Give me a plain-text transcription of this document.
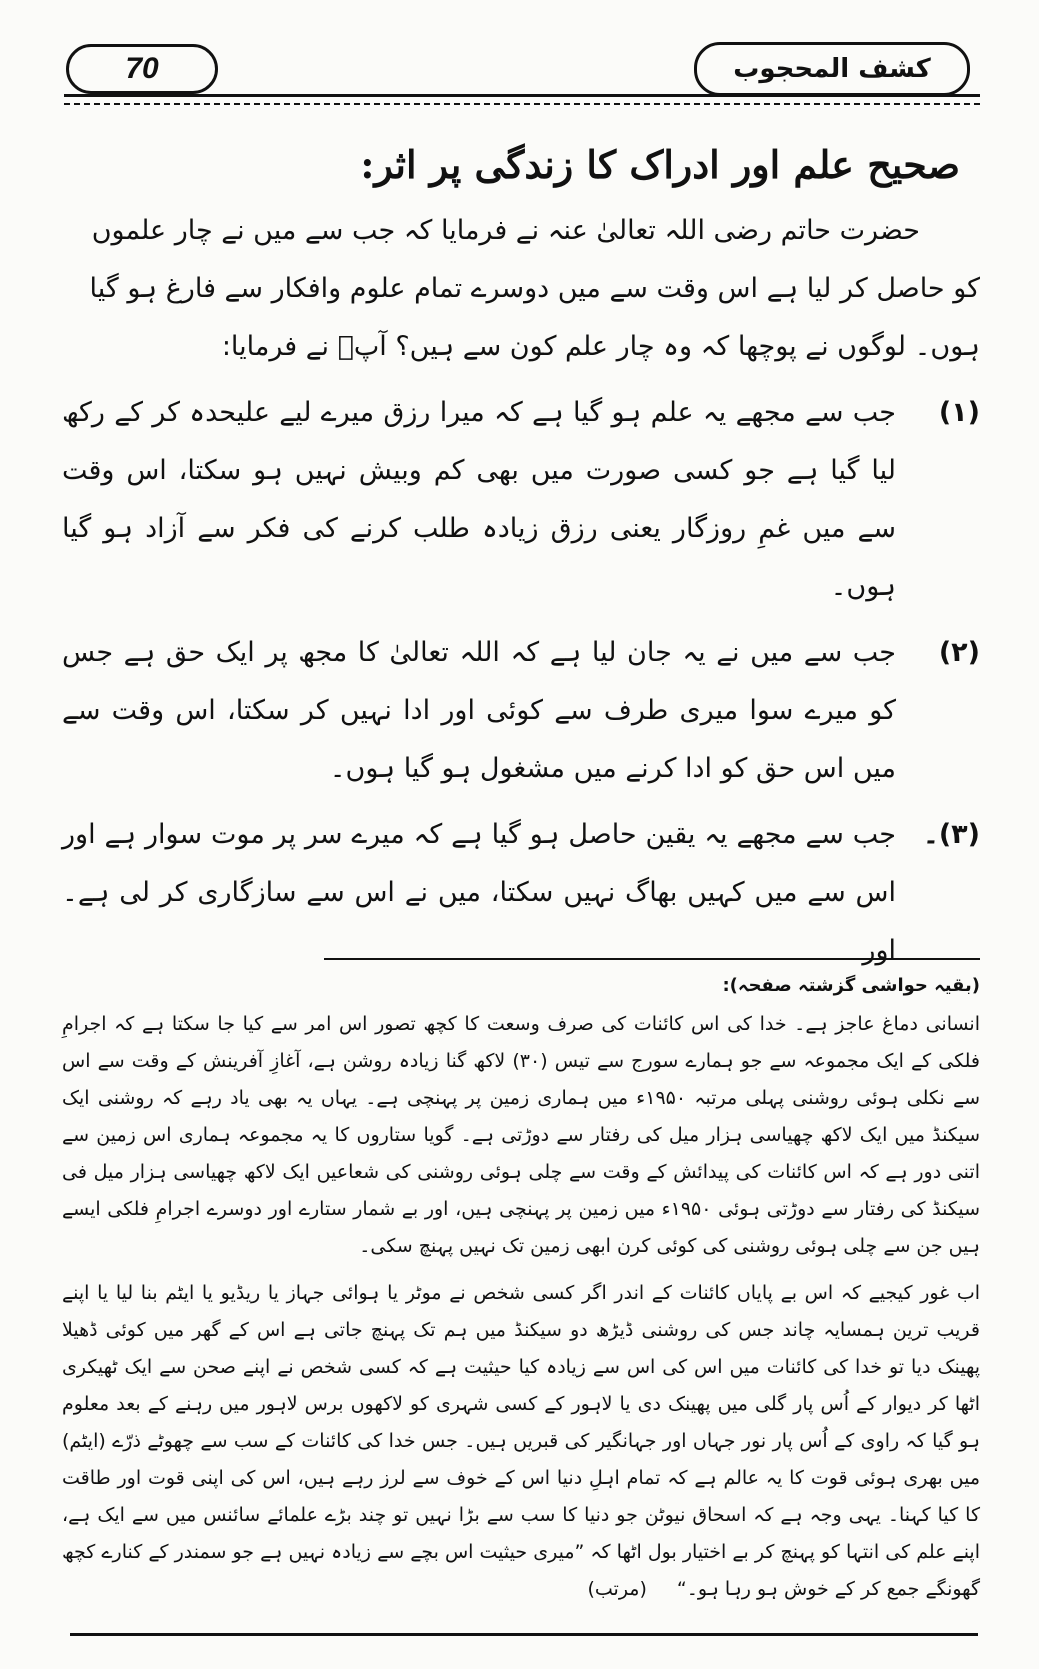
70	کشف المحجوب
صحیح علم اور ادراک کا زندگی پر اثر:

حضرت حاتم رضی اللہ تعالیٰ عنہ نے فرمایا کہ جب سے میں نے چار علموں کو حاصل کر لیا ہے اس وقت سے میں دوسرے تمام علوم وافکار سے فارغ ہو گیا ہوں۔ لوگوں نے پوچھا کہ وہ چار علم کون سے ہیں؟ آپؒ نے فرمایا:

(۱)
جب سے مجھے یہ علم ہو گیا ہے کہ میرا رزق میرے لیے علیحدہ کر کے رکھ لیا گیا ہے جو کسی صورت میں بھی کم وبیش نہیں ہو سکتا، اس وقت سے میں غمِ روزگار یعنی رزق زیادہ طلب کرنے کی فکر سے آزاد ہو گیا ہوں۔
(۲)
جب سے میں نے یہ جان لیا ہے کہ اللہ تعالیٰ کا مجھ پر ایک حق ہے جس کو میرے سوا میری طرف سے کوئی اور ادا نہیں کر سکتا، اس وقت سے میں اس حق کو ادا کرنے میں مشغول ہو گیا ہوں۔
(۳)۔
جب سے مجھے یہ یقین حاصل ہو گیا ہے کہ میرے سر پر موت سوار ہے اور اس سے میں کہیں بھاگ نہیں سکتا، میں نے اس سے سازگاری کر لی ہے۔ اور
(بقیہ حواشی گزشتہ صفحہ):

انسانی دماغ عاجز ہے۔ خدا کی اس کائنات کی صرف وسعت کا کچھ تصور اس امر سے کیا جا سکتا ہے کہ اجرامِ فلکی کے ایک مجموعہ سے جو ہمارے سورج سے تیس (۳۰) لاکھ گنا زیادہ روشن ہے، آغازِ آفرینش کے وقت سے اس سے نکلی ہوئی روشنی پہلی مرتبہ ۱۹۵۰ء میں ہماری زمین پر پہنچی ہے۔ یہاں یہ بھی یاد رہے کہ روشنی ایک سیکنڈ میں ایک لاکھ چھیاسی ہزار میل کی رفتار سے دوڑتی ہے۔ گویا ستاروں کا یہ مجموعہ ہماری اس زمین سے اتنی دور ہے کہ اس کائنات کی پیدائش کے وقت سے چلی ہوئی روشنی کی شعاعیں ایک لاکھ چھیاسی ہزار میل فی سیکنڈ کی رفتار سے دوڑتی ہوئی ۱۹۵۰ء میں زمین پر پہنچی ہیں، اور بے شمار ستارے اور دوسرے اجرامِ فلکی ایسے ہیں جن سے چلی ہوئی روشنی کی کوئی کرن ابھی زمین تک نہیں پہنچ سکی۔

اب غور کیجیے کہ اس بے پایاں کائنات کے اندر اگر کسی شخص نے موٹر یا ہوائی جہاز یا ریڈیو یا ایٹم بنا لیا یا اپنے قریب ترین ہمسایہ چاند جس کی روشنی ڈیڑھ دو سیکنڈ میں ہم تک پہنچ جاتی ہے اس کے گھر میں کوئی ڈھیلا پھینک دیا تو خدا کی کائنات میں اس کی اس سے زیادہ کیا حیثیت ہے کہ کسی شخص نے اپنے صحن سے ایک ٹھیکری اٹھا کر دیوار کے اُس پار گلی میں پھینک دی یا لاہور کے کسی شہری کو لاکھوں برس لاہور میں رہنے کے بعد معلوم ہو گیا کہ راوی کے اُس پار نور جہاں اور جہانگیر کی قبریں ہیں۔ جس خدا کی کائنات کے سب سے چھوٹے ذرّے (ایٹم) میں بھری ہوئی قوت کا یہ عالم ہے کہ تمام اہلِ دنیا اس کے خوف سے لرز رہے ہیں، اس کی اپنی قوت اور طاقت کا کیا کہنا۔ یہی وجہ ہے کہ اسحاق نیوٹن جو دنیا کا سب سے بڑا نہیں تو چند بڑے علمائے سائنس میں سے ایک ہے، اپنے علم کی انتہا کو پہنچ کر بے اختیار بول اٹھا کہ ”میری حیثیت اس بچے سے زیادہ نہیں ہے جو سمندر کے کنارے کچھ گھونگے جمع کر کے خوش ہو رہا ہو۔“(مرتب)
